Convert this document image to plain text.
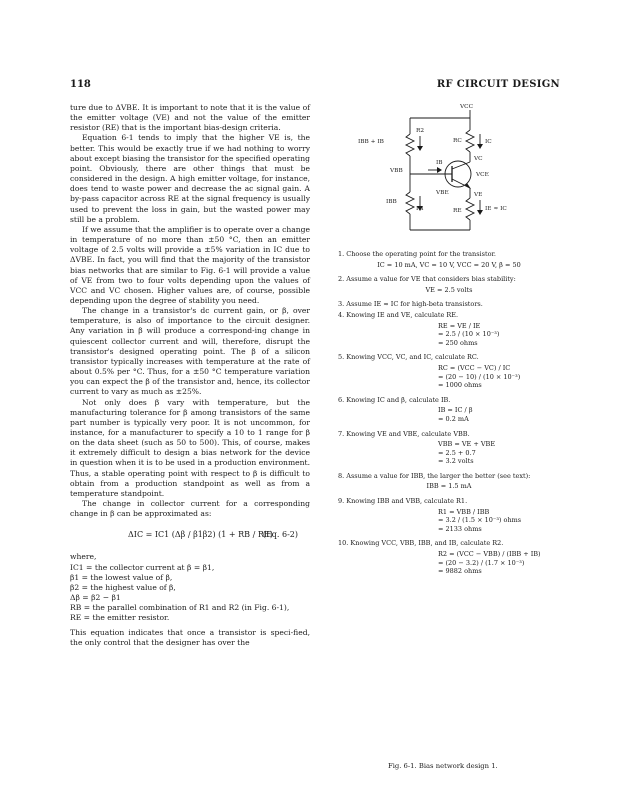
118	RF CIRCUIT DESIGN

ture due to ΔVBE. It is important to note that it is the value of the emitter voltage (VE) and not the value of the emitter resistor (RE) that is the important bias-design criteria.

Equation 6-1 tends to imply that the higher VE is, the better. This would be exactly true if we had nothing to worry about except biasing the transistor for the specified operating point. Obviously, there are other things that must be considered in the design. A high emitter voltage, for instance, does tend to waste power and decrease the ac signal gain. A by-pass capacitor across RE at the signal frequency is usually used to prevent the loss in gain, but the wasted power may still be a problem.

If we assume that the amplifier is to operate over a change in temperature of no more than ±50 °C, then an emitter voltage of 2.5 volts will provide a ±5% variation in IC due to ΔVBE. In fact, you will find that the majority of the transistor bias networks that are similar to Fig. 6-1 will provide a value of VE from two to four volts depending upon the values of VCC and VC chosen. Higher values are, of course, possible depending upon the degree of stability you need.

The change in a transistor's dc current gain, or β, over temperature, is also of importance to the circuit designer. Any variation in β will produce a correspond-ing change in quiescent collector current and will, therefore, disrupt the transistor's designed operating point. The β of a silicon transistor typically increases with temperature at the rate of about 0.5% per °C. Thus, for a ±50 °C temperature variation you can expect the β of the transistor and, hence, its collector current to vary as much as ±25%.

Not only does β vary with temperature, but the manufacturing tolerance for β among transistors of the same part number is typically very poor. It is not uncommon, for instance, for a manufacturer to specify a 10 to 1 range for β on the data sheet (such as 50 to 500). This, of course, makes it extremely difficult to design a bias network for the device in question when it is to be used in a production environment. Thus, a stable operating point with respect to β is difficult to obtain from a production standpoint as well as from a temperature standpoint.

The change in collector current for a corresponding change in β can be approximated as:

ΔIC = IC1 (Δβ / β1β2) (1 + RB / RE)
(Eq. 6-2)

where,

IC1 = the collector current at β = β1,
β1 = the lowest value of β,
β2 = the highest value of β,
Δβ = β2 − β1
RB = the parallel combination of R1 and R2 (in Fig. 6-1),
RE = the emitter resistor.

This equation indicates that once a transistor is speci-fied, the only control that the designer has over the

VCC
IBB + IB
R2
RC	IC
IB
VC
VBB
VCE
VBE
IBB
R1
VE
RE	IE ≈ IC
1. Choose the operating point for the transistor.
IC = 10 mA, VC = 10 V, VCC = 20 V, β = 50
2. Assume a value for VE that considers bias stability:
VE = 2.5 volts
3. Assume IE ≈ IC for high-beta transistors.
4. Knowing IE and VE, calculate RE.
RE = VE / IE
= 2.5 / (10 × 10⁻³)
= 250 ohms
5. Knowing VCC, VC, and IC, calculate RC.
RC = (VCC − VC) / IC
= (20 − 10) / (10 × 10⁻³)
= 1000 ohms
6. Knowing IC and β, calculate IB.
IB = IC / β
= 0.2 mA
7. Knowing VE and VBE, calculate VBB.
VBB = VE + VBE
= 2.5 + 0.7
= 3.2 volts
8. Assume a value for IBB, the larger the better (see text):
IBB = 1.5 mA
9. Knowing IBB and VBB, calculate R1.
R1 = VBB / IBB
= 3.2 / (1.5 × 10⁻³) ohms
= 2133 ohms
10. Knowing VCC, VBB, IBB, and IB, calculate R2.
R2 = (VCC − VBB) / (IBB + IB)
= (20 − 3.2) / (1.7 × 10⁻³)
= 9882 ohms
Fig. 6-1. Bias network design 1.
